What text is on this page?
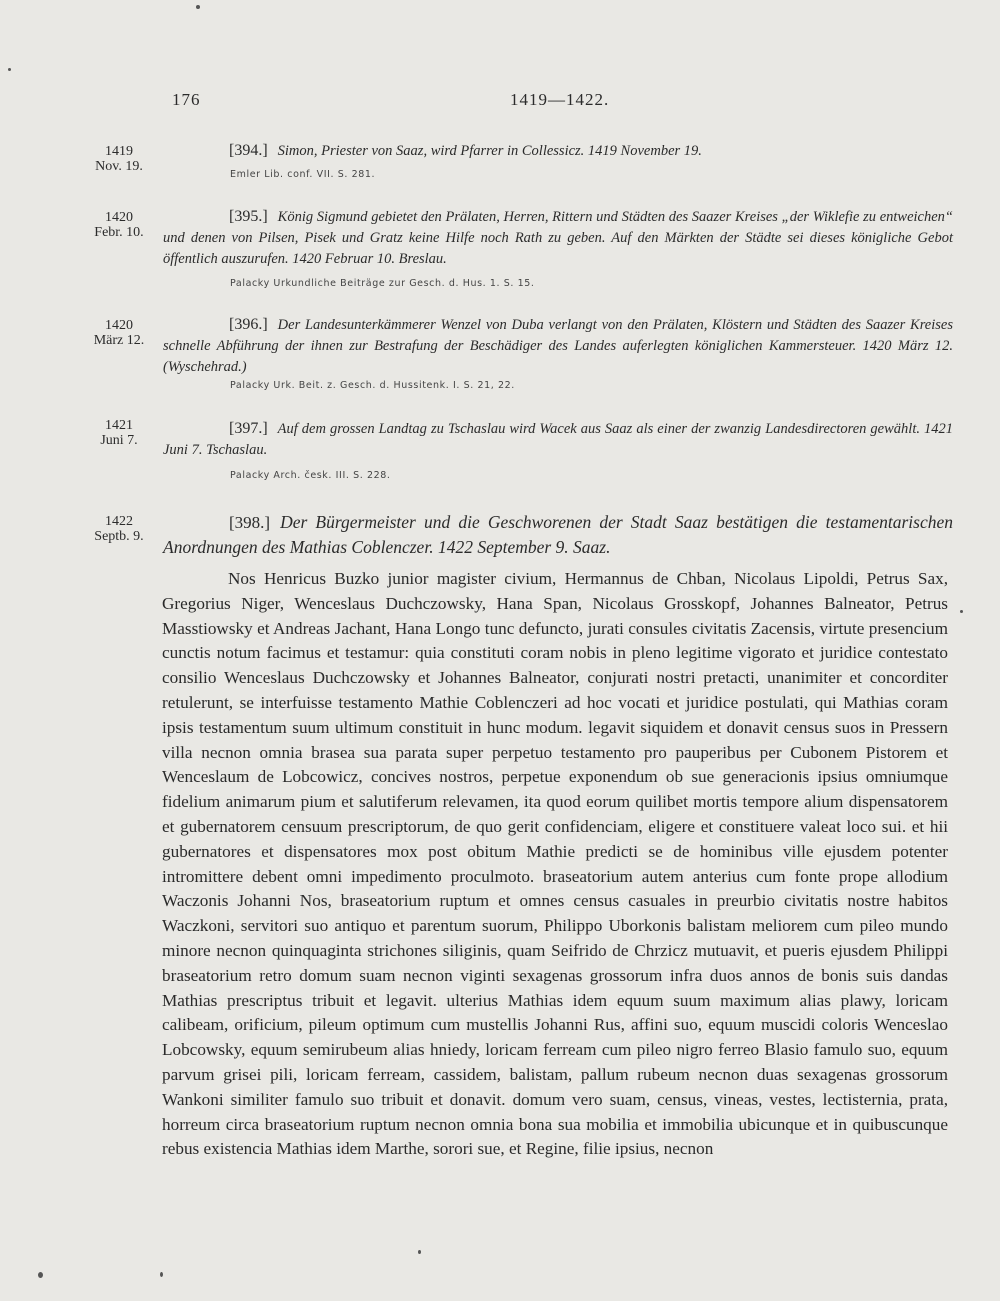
176	1419—1422.
1419
Nov. 19.
[394.] Simon, Priester von Saaz, wird Pfarrer in Collessicz. 1419 November 19.
Emler Lib. conf. VII. S. 281.
1420
Febr. 10.
[395.] König Sigmund gebietet den Prälaten, Herren, Rittern und Städten des Saazer Kreises „der Wiklefie zu entweichen“ und denen von Pilsen, Pisek und Gratz keine Hilfe noch Rath zu geben. Auf den Märkten der Städte sei dieses königliche Gebot öffentlich auszurufen. 1420 Februar 10. Breslau.
Palacky Urkundliche Beiträge zur Gesch. d. Hus. 1. S. 15.
1420
März 12.
[396.] Der Landesunterkämmerer Wenzel von Duba verlangt von den Prälaten, Klöstern und Städten des Saazer Kreises schnelle Abführung der ihnen zur Bestrafung der Beschädiger des Landes auferlegten königlichen Kammersteuer. 1420 März 12. (Wyschehrad.)
Palacky Urk. Beit. z. Gesch. d. Hussitenk. I. S. 21, 22.
1421
Juni 7.
[397.] Auf dem grossen Landtag zu Tschaslau wird Wacek aus Saaz als einer der zwanzig Landesdirectoren gewählt. 1421 Juni 7. Tschaslau.
Palacky Arch. česk. III. S. 228.
1422
Septb. 9.
[398.] Der Bürgermeister und die Geschworenen der Stadt Saaz bestätigen die testamentarischen Anordnungen des Mathias Coblenczer. 1422 September 9. Saaz.

Nos Henricus Buzko junior magister civium, Hermannus de Chban, Nicolaus Lipoldi, Petrus Sax, Gregorius Niger, Wenceslaus Duchczowsky, Hana Span, Nicolaus Grosskopf, Johannes Balneator, Petrus Masstiowsky et Andreas Jachant, Hana Longo tunc defuncto, jurati consules civitatis Zacensis, virtute presencium cunctis notum facimus et testamur: quia constituti coram nobis in pleno legitime vigorato et juridice contestato consilio Wenceslaus Duchczowsky et Johannes Balneator, conjurati nostri pretacti, unanimiter et concorditer retulerunt, se interfuisse testamento Mathie Coblenczeri ad hoc vocati et juridice postulati, qui Mathias coram ipsis testamentum suum ultimum constituit in hunc modum. legavit siquidem et donavit census suos in Pressern villa necnon omnia brasea sua parata super perpetuo testamento pro pauperibus per Cubonem Pistorem et Wenceslaum de Lobcowicz, concives nostros, perpetue exponendum ob sue generacionis ipsius omniumque fidelium animarum pium et salutiferum relevamen, ita quod eorum quilibet mortis tempore alium dispensatorem et gubernatorem censuum prescriptorum, de quo gerit confidenciam, eligere et constituere valeat loco sui. et hii gubernatores et dispensatores mox post obitum Mathie predicti se de hominibus ville ejusdem potenter intromittere debent omni impedimento proculmoto. braseatorium autem anterius cum fonte prope allodium Waczonis Johanni Nos, braseatorium ruptum et omnes census casuales in preurbio civitatis nostre habitos Waczkoni, servitori suo antiquo et parentum suorum, Philippo Uborkonis balistam meliorem cum pileo mundo minore necnon quinquaginta strichones siliginis, quam Seifrido de Chrzicz mutuavit, et pueris ejusdem Philippi braseatorium retro domum suam necnon viginti sexagenas grossorum infra duos annos de bonis suis dandas Mathias prescriptus tribuit et legavit. ulterius Mathias idem equum suum maximum alias plawy, loricam calibeam, orificium, pileum optimum cum mustellis Johanni Rus, affini suo, equum muscidi coloris Wenceslao Lobcowsky, equum semirubeum alias hniedy, loricam ferream cum pileo nigro ferreo Blasio famulo suo, equum parvum grisei pili, loricam ferream, cassidem, balistam, pallum rubeum necnon duas sexagenas grossorum Wankoni similiter famulo suo tribuit et donavit. domum vero suam, census, vineas, vestes, lectisternia, prata, horreum circa braseatorium ruptum necnon omnia bona sua mobilia et immobilia ubicunque et in quibuscunque rebus existencia Mathias idem Marthe, sorori sue, et Regine, filie ipsius, necnon
